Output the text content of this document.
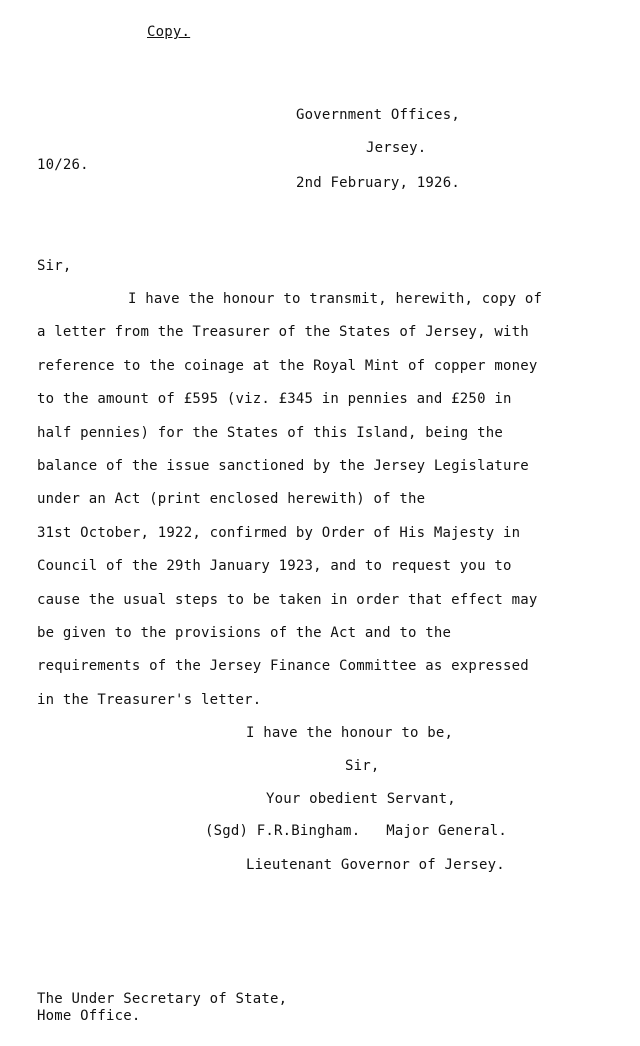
Copy.
Government Offices,
Jersey.
10/26.
2nd February, 1926.
Sir,
I have the honour to transmit, herewith, copy of
a letter from the Treasurer of the States of Jersey, with
reference to the coinage at the Royal Mint of copper money
to the amount of £595 (viz. £345 in pennies and £250 in
half pennies) for the States of this Island, being the
balance of the issue sanctioned by the Jersey Legislature
under an Act (print enclosed herewith) of the
31st October, 1922, confirmed by Order of His Majesty in
Council of the 29th January 1923, and to request you to
cause the usual steps to be taken in order that effect may
be given to the provisions of the Act and to the
requirements of the Jersey Finance Committee as expressed
in the Treasurer's letter.
I have the honour to be,
Sir,
Your obedient Servant,
(Sgd) F.R.Bingham.   Major General.
Lieutenant Governor of Jersey.
The Under Secretary of State,
Home Office.
